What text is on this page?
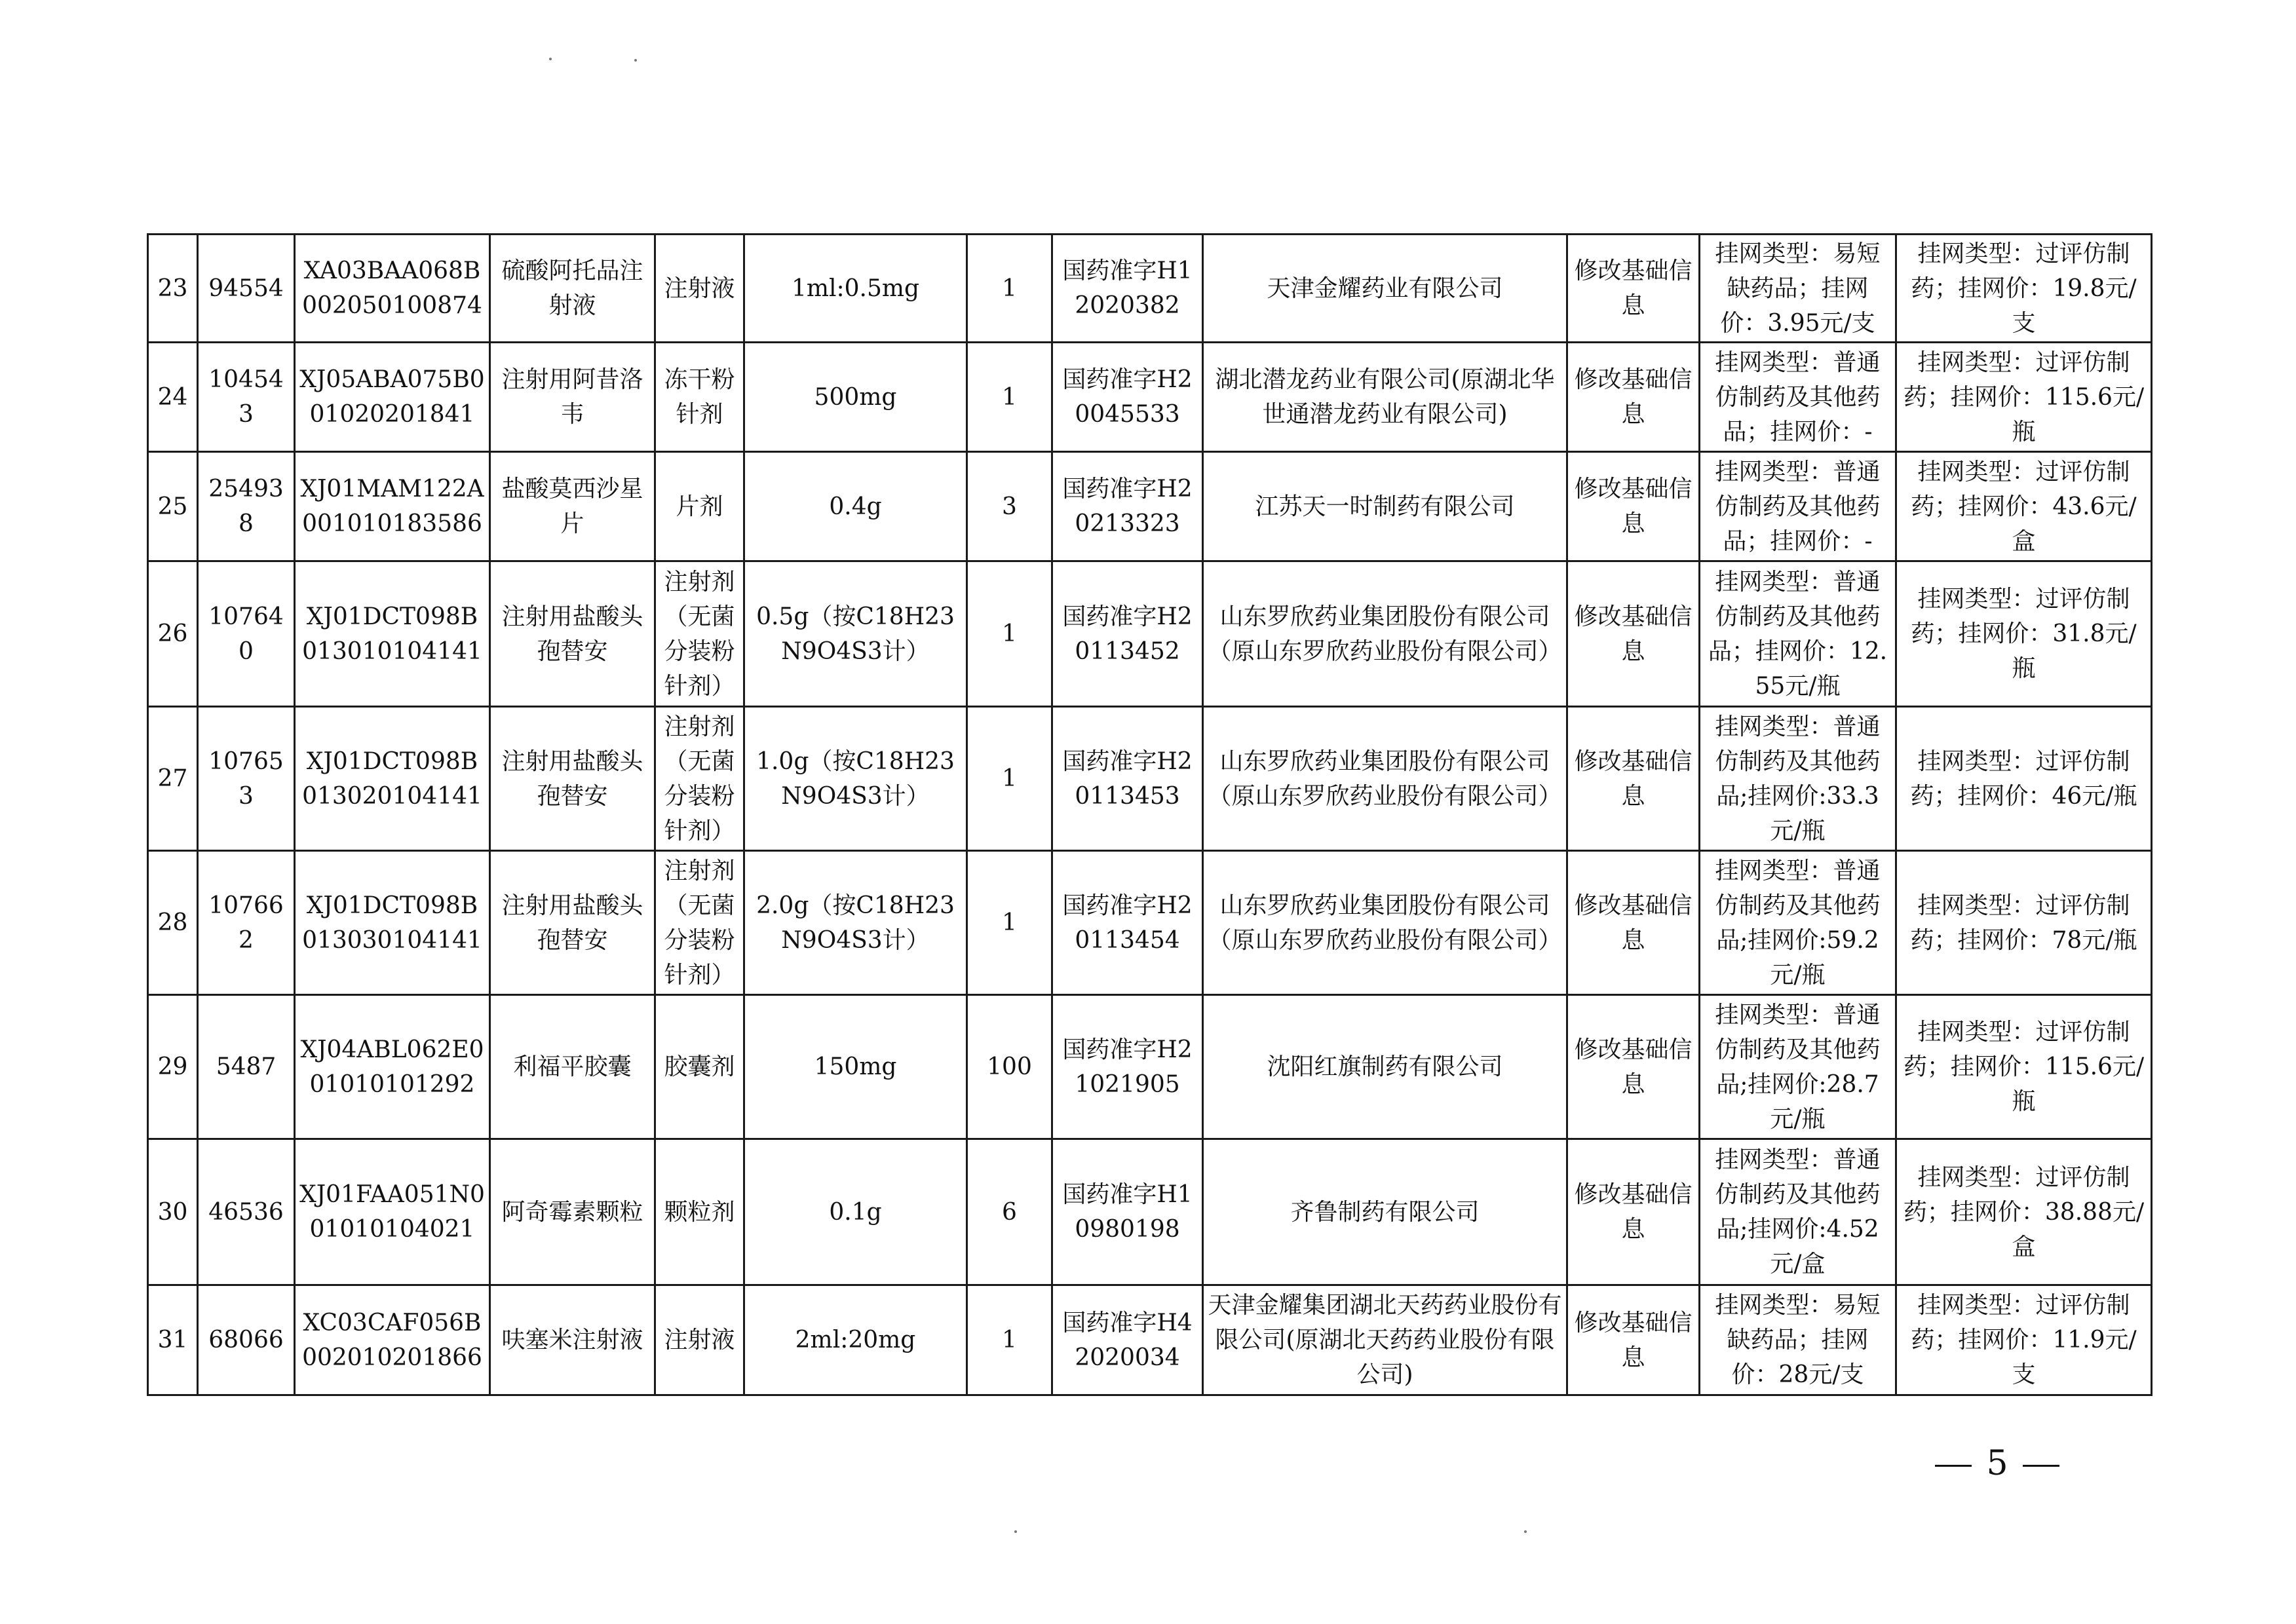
23	94554	XA03BAA068B002050100874	硫酸阿托品注射液	注射液	1ml:0.5mg	1	国药准字H12020382	天津金耀药业有限公司	修改基础信息	挂网类型：易短缺药品；挂网价：3.95元/支	挂网类型：过评仿制药；挂网价：19.8元/支
24	104543	XJ05ABA075B001020201841	注射用阿昔洛韦	冻干粉针剂	500mg	1	国药准字H20045533	湖北潜龙药业有限公司(原湖北华世通潜龙药业有限公司)	修改基础信息	挂网类型：普通仿制药及其他药品；挂网价：-	挂网类型：过评仿制药；挂网价：115.6元/瓶
25	254938	XJ01MAM122A001010183586	盐酸莫西沙星片	片剂	0.4g	3	国药准字H20213323	江苏天一时制药有限公司	修改基础信息	挂网类型：普通仿制药及其他药品；挂网价：-	挂网类型：过评仿制药；挂网价：43.6元/盒
26	107640	XJ01DCT098B013010104141	注射用盐酸头孢替安	注射剂（无菌分装粉针剂）	0.5g（按C18H23N9O4S3计）	1	国药准字H20113452	山东罗欣药业集团股份有限公司（原山东罗欣药业股份有限公司）	修改基础信息	挂网类型：普通仿制药及其他药品；挂网价：12.55元/瓶	挂网类型：过评仿制药；挂网价：31.8元/瓶
27	107653	XJ01DCT098B013020104141	注射用盐酸头孢替安	注射剂（无菌分装粉针剂）	1.0g（按C18H23N9O4S3计）	1	国药准字H20113453	山东罗欣药业集团股份有限公司（原山东罗欣药业股份有限公司）	修改基础信息	挂网类型：普通仿制药及其他药品;挂网价:33.3元/瓶	挂网类型：过评仿制药；挂网价：46元/瓶
28	107662	XJ01DCT098B013030104141	注射用盐酸头孢替安	注射剂（无菌分装粉针剂）	2.0g（按C18H23N9O4S3计）	1	国药准字H20113454	山东罗欣药业集团股份有限公司（原山东罗欣药业股份有限公司）	修改基础信息	挂网类型：普通仿制药及其他药品;挂网价:59.2元/瓶	挂网类型：过评仿制药；挂网价：78元/瓶
29	5487	XJ04ABL062E001010101292	利福平胶囊	胶囊剂	150mg	100	国药准字H21021905	沈阳红旗制药有限公司	修改基础信息	挂网类型：普通仿制药及其他药品;挂网价:28.7元/瓶	挂网类型：过评仿制药；挂网价：115.6元/瓶
30	46536	XJ01FAA051N001010104021	阿奇霉素颗粒	颗粒剂	0.1g	6	国药准字H10980198	齐鲁制药有限公司	修改基础信息	挂网类型：普通仿制药及其他药品;挂网价:4.52元/盒	挂网类型：过评仿制药；挂网价：38.88元/盒
31	68066	XC03CAF056B002010201866	呋塞米注射液	注射液	2ml:20mg	1	国药准字H42020034	天津金耀集团湖北天药药业股份有限公司(原湖北天药药业股份有限公司)	修改基础信息	挂网类型：易短缺药品；挂网价：28元/支	挂网类型：过评仿制药；挂网价：11.9元/支
5
